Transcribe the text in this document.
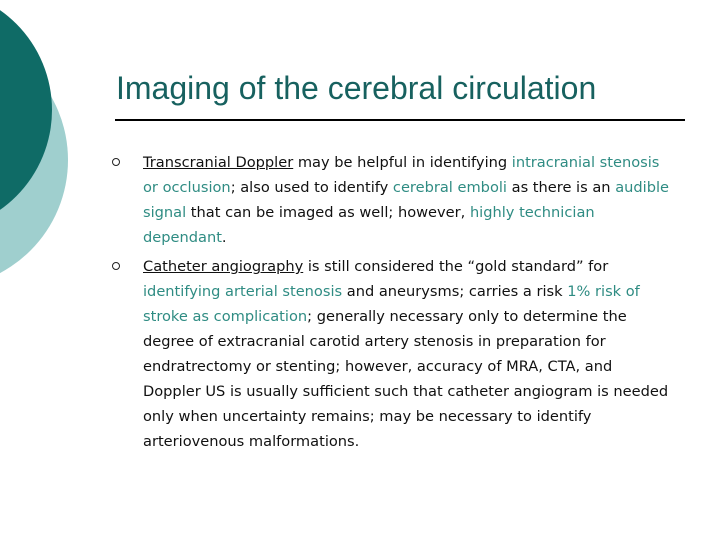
Imaging of the cerebral circulation
Transcranial Doppler may be helpful in identifying intracranial stenosis or occlusion; also used to identify cerebral emboli as there is an audible signal that can be imaged as well; however, highly technician dependant.
Catheter angiography is still considered the “gold standard” for identifying arterial stenosis and aneurysms; carries a risk 1% risk of stroke as complication; generally necessary only to determine the degree of extracranial carotid artery stenosis in preparation for endratrectomy or stenting; however, accuracy of MRA, CTA, and Doppler US is usually sufficient such that catheter angiogram is needed only when uncertainty remains; may be necessary to identify arteriovenous malformations.
